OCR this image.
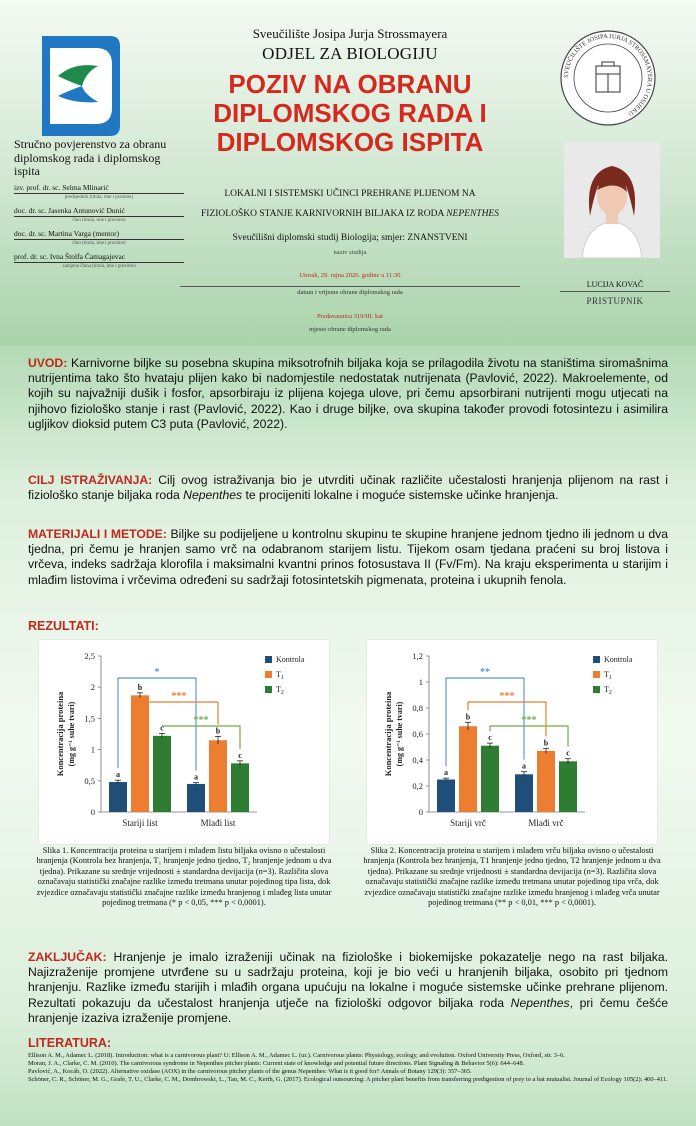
SVEUČILIŠTE JOSIPA JURJA STROSSMAYERA U OSIJEKU
Sveučilište Josipa Jurja Strossmayera
ODJEL ZA BIOLOGIJU
POZIV NA OBRANU
DIPLOMSKOG RADA I
DIPLOMSKOG ISPITA
Stručno povjerenstvo za obranu diplomskog rada i diplomskog ispita
izv. prof. dr. sc. Selma Mlinarić
predsjednik (titula, ime i prezime)
doc. dr. sc. Jasenka Antunović Dunić
član (titula, ime i prezime)
doc. dr. sc. Martina Varga (mentor)
član (titula, ime i prezime)
prof. dr. sc. Ivna Štolfa Čamagajevac
zamjena člana (titula, ime i prezime)
LOKALNI I SISTEMSKI UČINCI PREHRANE PLIJENOM NA
FIZIOLOŠKO STANJE KARNIVORNIH BILJAKA IZ RODA NEPENTHES
Sveučilišni diplomski studij Biologija; smjer: ZNANSTVENI
naziv studija
Utorak, 29. rujna 2026. godine u 11:30
datum i vrijeme obrane diplomskog rada
Predavaonica 319/III. kat
mjesto obrane diplomskog rada
LUCIJA KOVAČ
PRISTUPNIK
UVOD: Karnivorne biljke su posebna skupina miksotrofnih biljaka koja se prilagodila životu na staništima siromašnima nutrijentima tako što hvataju plijen kako bi nadomjestile nedostatak nutrijenata (Pavlović, 2022). Makroelemente, od kojih su najvažniji dušik i fosfor, apsorbiraju iz plijena kojega ulove, pri čemu apsorbirani nutrijenti mogu utjecati na njihovo fiziološko stanje i rast (Pavlović, 2022). Kao i druge biljke, ova skupina također provodi fotosintezu i asimilira ugljikov dioksid putem C3 puta (Pavlović, 2022).
CILJ ISTRAŽIVANJA: Cilj ovog istraživanja bio je utvrditi učinak različite učestalosti hranjenja plijenom na rast i fiziološko stanje biljaka roda Nepenthes te procijeniti lokalne i moguće sistemske učinke hranjenja.
MATERIJALI I METODE: Biljke su podijeljene u kontrolnu skupinu te skupine hranjene jednom tjedno ili jednom u dva tjedna, pri čemu je hranjen samo vrč na odabranom starijem listu. Tijekom osam tjedana praćeni su broj listova i vrčeva, indeks sadržaja klorofila i maksimalni kvantni prinos fotosustava II (Fv/Fm). Na kraju eksperimenta u starijim i mlađim listovima i vrčevima određeni su sadržaji fotosintetskih pigmenata, proteina i ukupnih fenola.
REZULTATI:
0
0,5
1
1,5
2
2,5
Koncentracija proteina (mg g⁻¹ suhe tvari)
Stariji list
a
b
c
Mlađi list
a
b
c
*
***
***
Kontrola
$T_1$
$T_2$
Slika 1. Koncentracija proteina u starijem i mlađem listu biljaka ovisno o učestalosti hranjenja (Kontrola bez hranjenja, T₁ hranjenje jedno tjedno, T₂ hranjenje jednom u dva tjedna). Prikazane su srednje vrijednosti ± standardna devijacija (n=3). Različita slova označavaju statistički značajne razlike između tretmana unutar pojedinog tipa lista, dok zvjezdice označavaju statistički značajne razlike između hranjenog i mlađeg lista unutar pojedinog tretmana (* p < 0,05, *** p < 0,0001).
0
0,2
0,4
0,6
0,8
1
1,2
Koncentracija proteina (mg g⁻¹ suhe tvari)
Stariji vrč
a
b
c
Mlađi vrč
a
b
c
**
***
***
Kontrola
$T_1$
$T_2$
Slika 2. Koncentracija proteina u starijem i mlađem vrču biljaka ovisno o učestalosti hranjenja (Kontrola bez hranjenja, T1 hranjenje jedno tjedno, T2 hranjenje jednom u dva tjedna). Prikazane su srednje vrijednosti ± standardna devijacija (n=3). Različita slova označavaju statistički značajne razlike između tretmana unutar pojedinog tipa vrča, dok zvjezdice označavaju statistički značajne razlike između hranjenog i mlađeg vrča unutar pojedinog tretmana (** p < 0,01, *** p < 0,0001).
ZAKLJUČAK: Hranjenje je imalo izraženiji učinak na fiziološke i biokemijske pokazatelje nego na rast biljaka. Najizraženije promjene utvrđene su u sadržaju proteina, koji je bio veći u hranjenih biljaka, osobito pri tjednom hranjenju. Razlike između starijih i mlađih organa upućuju na lokalne i moguće sistemske učinke prehrane plijenom. Rezultati pokazuju da učestalost hranjenja utječe na fiziološki odgovor biljaka roda Nepenthes, pri čemu češće hranjenje izaziva izraženije promjene.
LITERATURA:
Ellison A. M., Adamec L. (2018). Introduction: what is a carnivorous plant? U: Ellison A. M., Adamec L. (ur.). Carnivorous plants: Physiology, ecology, and evolution. Oxford University Press, Oxford, str. 3–6.
Moran, J. A., Clarke, C. M. (2010). The carnivorous syndrome in Nepenthes pitcher plants: Current state of knowledge and potential future directions. Plant Signaling & Behavior 5(6): 644–648.
Pavlović, A., Kocáb, O. (2022). Alternative oxidase (AOX) in the carnivorous pitcher plants of the genus Nepenthes: What is it good for? Annals of Botany 129(3): 357–365.
Schöner, C. R., Schöner, M. G., Grafe, T. U., Clarke, C. M., Dombrowski, L., Tan, M. C., Kerth, G. (2017). Ecological outsourcing: A pitcher plant benefits from transferring predigestion of prey to a bat mutualist. Journal of Ecology 105(2): 400–411.
